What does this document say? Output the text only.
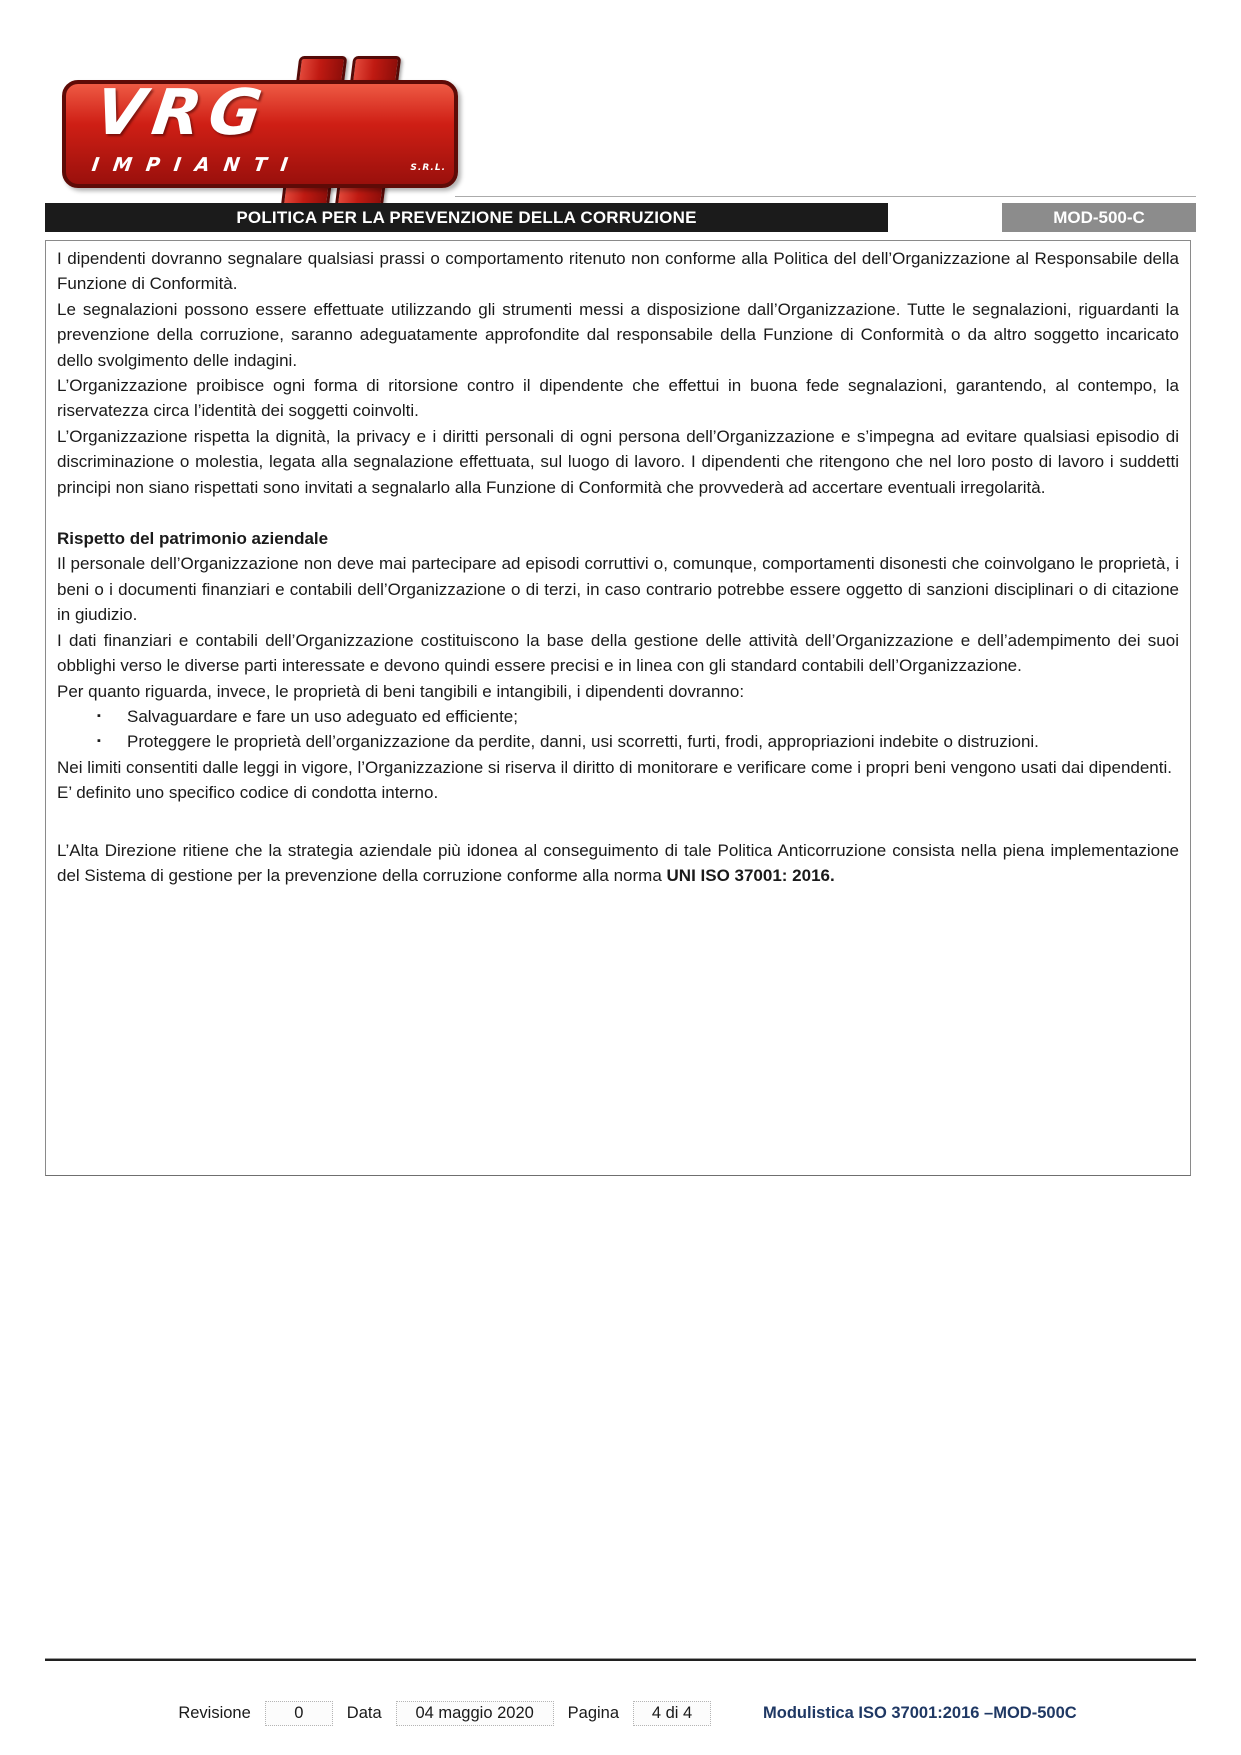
VRG
IMPIANTI	S.R.L.
POLITICA PER LA PREVENZIONE DELLA CORRUZIONE	MOD-500-C

I dipendenti dovranno segnalare qualsiasi prassi o comportamento ritenuto non conforme alla Politica del dell’Organizzazione al Responsabile della Funzione di Conformità.

Le segnalazioni possono essere effettuate utilizzando gli strumenti messi a disposizione dall’Organizzazione. Tutte le segnalazioni, riguardanti la prevenzione della corruzione, saranno adeguatamente approfondite dal responsabile della Funzione di Conformità o da altro soggetto incaricato dello svolgimento delle indagini.

L’Organizzazione proibisce ogni forma di ritorsione contro il dipendente che effettui in buona fede segnalazioni, garantendo, al contempo, la riservatezza circa l’identità dei soggetti coinvolti.

L’Organizzazione rispetta la dignità, la privacy e i diritti personali di ogni persona dell’Organizzazione e s’impegna ad evitare qualsiasi episodio di discriminazione o molestia, legata alla segnalazione effettuata, sul luogo di lavoro. I dipendenti che ritengono che nel loro posto di lavoro i suddetti principi non siano rispettati sono invitati a segnalarlo alla Funzione di Conformità che provvederà ad accertare eventuali irregolarità.

Rispetto del patrimonio aziendale

Il personale dell’Organizzazione non deve mai partecipare ad episodi corruttivi o, comunque, comportamenti disonesti che coinvolgano le proprietà, i beni o i documenti finanziari e contabili dell’Organizzazione o di terzi, in caso contrario potrebbe essere oggetto di sanzioni disciplinari o di citazione in giudizio.

I dati finanziari e contabili dell’Organizzazione costituiscono la base della gestione delle attività dell’Organizzazione e dell’adempimento dei suoi obblighi verso le diverse parti interessate e devono quindi essere precisi e in linea con gli standard contabili dell’Organizzazione.

Per quanto riguarda, invece, le proprietà di beni tangibili e intangibili, i dipendenti dovranno:

▪	Salvaguardare e fare un uso adeguato ed efficiente;
▪	Proteggere le proprietà dell’organizzazione da perdite, danni, usi scorretti, furti, frodi, appropriazioni indebite o distruzioni.

Nei limiti consentiti dalle leggi in vigore, l’Organizzazione si riserva il diritto di monitorare e verificare come i propri beni vengono usati dai dipendenti.

E’ definito uno specifico codice di condotta interno.

L’Alta Direzione ritiene che la strategia aziendale più idonea al conseguimento di tale Politica Anticorruzione consista nella piena implementazione del Sistema di gestione per la prevenzione della corruzione conforme alla norma UNI ISO 37001: 2016.

Revisione	0	Data	04 maggio 2020	Pagina	4 di 4	Modulistica ISO 37001:2016 –MOD-500C
